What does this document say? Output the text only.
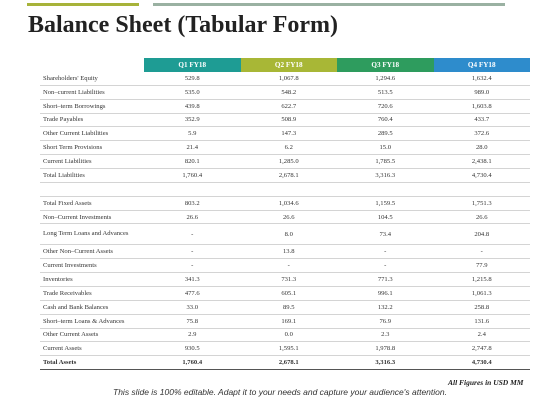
Balance Sheet (Tabular Form)
	Q1 FY18	Q2 FY18	Q3 FY18	Q4 FY18
Shareholders' Equity	529.8	1,067.8	1,294.6	1,632.4
Non–current Liabilities	535.0	548.2	513.5	989.0
Short–term Borrowings	439.8	622.7	720.6	1,603.8
Trade Payables	352.9	508.9	760.4	433.7
Other Current Liabilities	5.9	147.3	289.5	372.6
Short Term Provisions	21.4	6.2	15.0	28.0
Current Liabilities	820.1	1,285.0	1,785.5	2,438.1
Total Liabilities	1,760.4	2,678.1	3,316.3	4,730.4

Total Fixed Assets	803.2	1,034.6	1,159.5	1,751.3
Non–Current Investments	26.6	26.6	104.5	26.6
Long Term Loans and Advances	-	8.0	73.4	204.8
Other Non–Current Assets	-	13.8	-	-
Current Investments	-	-	-	77.9
Inventories	341.3	731.3	771.3	1,215.8
Trade Receivables	477.6	605.1	996.1	1,061.3
Cash and Bank Balances	33.0	89.5	132.2	258.8
Short–term Loans & Advances	75.8	169.1	76.9	131.6
Other Current Assets	2.9	0.0	2.3	2.4
Current Assets	930.5	1,595.1	1,978.8	2,747.8
Total Assets	1,760.4	2,678.1	3,316.3	4,730.4

All Figures in USD MM

This slide is 100% editable. Adapt it to your needs and capture your audience's attention.
